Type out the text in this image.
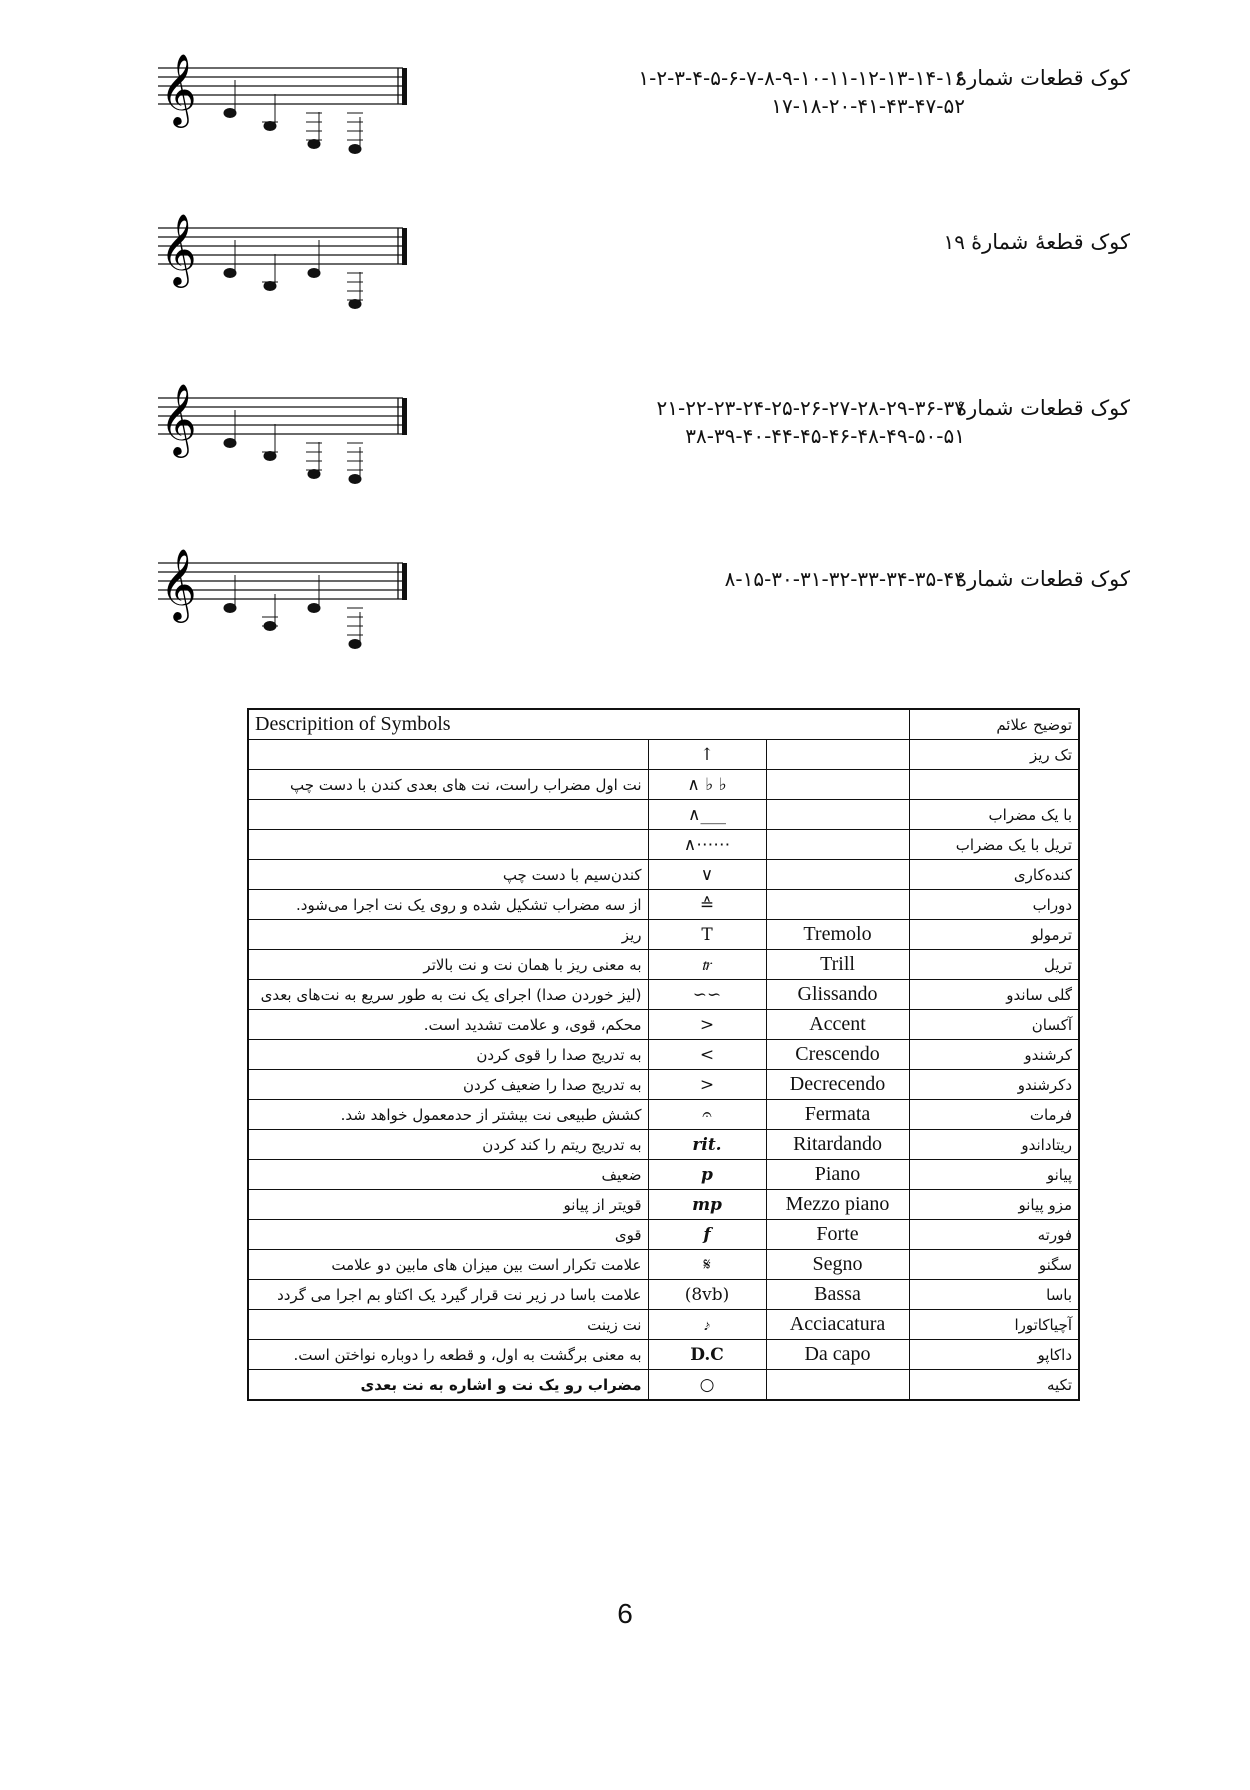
𝄞	کوک قطعات شمارهٔ
۱-۲-۳-۴-۵-۶-۷-۸-۹-۱۰-۱۱-۱۲-۱۳-۱۴-۱۶
۱۷-۱۸-۲۰-۴۱-۴۳-۴۷-۵۲
𝄞	کوک قطعهٔ شمارهٔ
۱۹
𝄞	کوک قطعات شمارهٔ
۲۱-۲۲-۲۳-۲۴-۲۵-۲۶-۲۷-۲۸-۲۹-۳۶-۳۷
۳۸-۳۹-۴۰-۴۴-۴۵-۴۶-۴۸-۴۹-۵۰-۵۱
𝄞	کوک قطعات شمارهٔ
۸-۱۵-۳۰-۳۱-۳۲-۳۳-۳۴-۳۵-۴۲
Descripition of Symbols			توضیح علائم
	↑		تک ریز
نت اول مضراب راست، نت های بعدی کندن با دست چپ	∧ ♭ ♭		
	∧___		با یک مضراب
	∧⋯⋯		تریل با یک مضراب
کندن‌سیم با دست چپ	∨		کنده‌کاری
از سه مضراب تشکیل شده و روی یک نت اجرا می‌شود.	≙		دوراب
ریز	T	Tremolo	ترمولو
به معنی ریز با همان نت و نت بالاتر	𝆖	Trill	تریل
(لیز خوردن صدا) اجرای یک نت به طور سریع به نت‌های بعدی	∽∽	Glissando	گلی ساندو
محکم، قوی، و علامت تشدید است.	>	Accent	آکسان
به تدریج صدا را قوی کردن	<	Crescendo	کرشندو
به تدریج صدا را ضعیف کردن	>	Decrecendo	دکرشندو
کشش طبیعی نت بیشتر از حدمعمول خواهد شد.	𝄐	Fermata	فرمات
به تدریج ریتم را کند کردن	rit.	Ritardando	ریتاداندو
ضعیف	p	Piano	پیانو
قویتر از پیانو	mp	Mezzo piano	مزو پیانو
قوی	f	Forte	فورته
علامت تکرار است بین میزان های مابین دو علامت	𝄋	Segno	سگنو
علامت باسا در زیر نت قرار گیرد یک اکتاو بم اجرا می گردد	(8vb)	Bassa	باسا
نت زینت	𝆔	Acciacatura	آچیاکاتورا
به معنی برگشت به اول، و قطعه را دوباره نواختن است.	D.C	Da capo	داکاپو
مضراب رو یک نت و اشاره به نت بعدی	○		تکیه
6
